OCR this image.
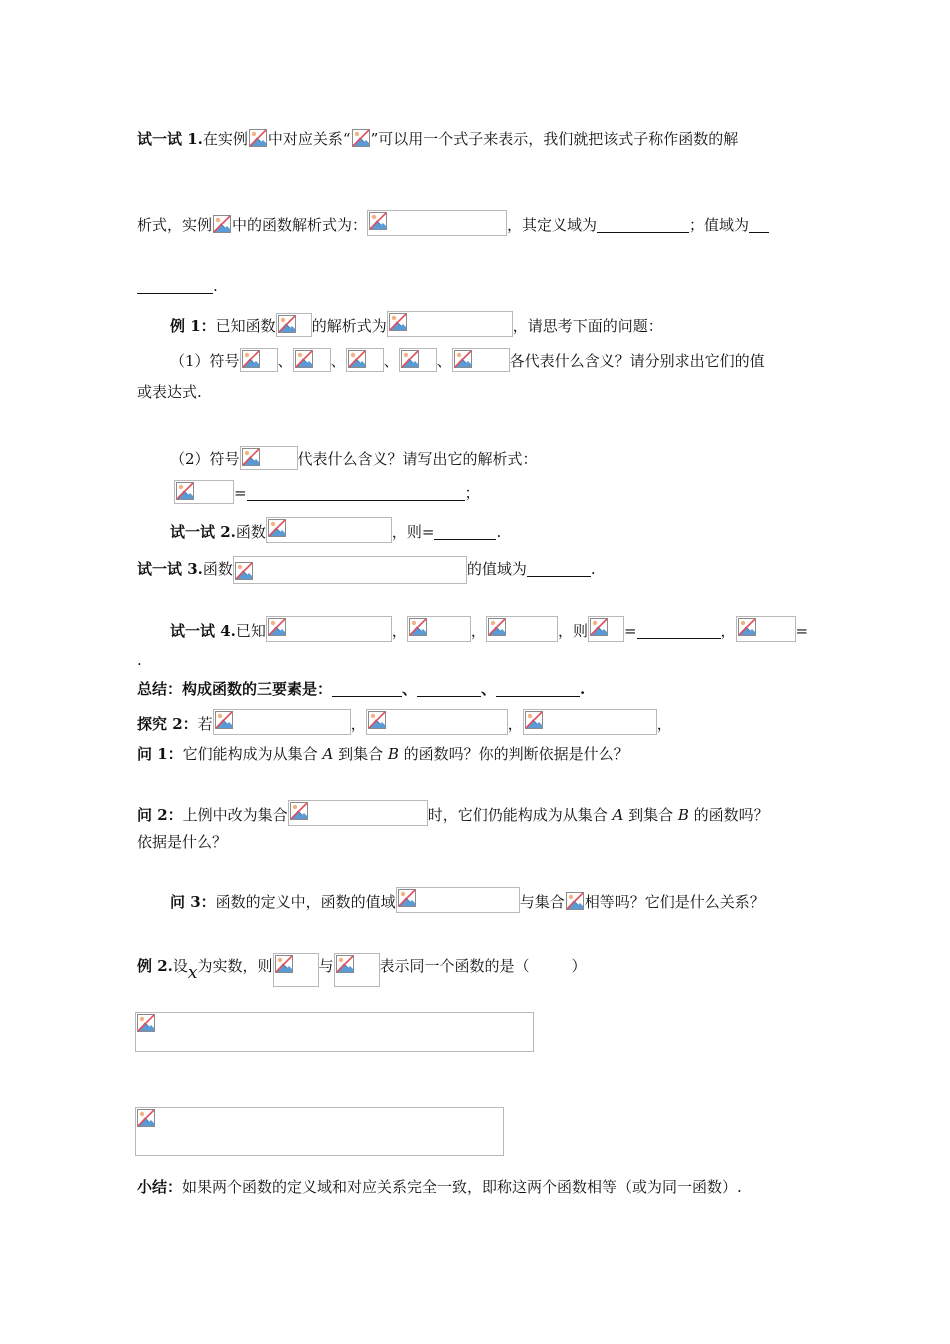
试一试 1.在实例 中对应关系“ ”可以用一个式子来表示，我们就把该式子称作函数的解
析式，实例 中的函数解析式为：	，其定义域为	；值域为
.
例 1：已知函数 的解析式为	，请思考下面的问题：
（1）符号	、	、	、	、	各代表什么含义？请分别求出它们的值
或表达式.
（2）符号	代表什么含义？请写出它的解析式：
=	；
试一试 2.函数	，则=	.
试一试 3.函数	的值域为	.
试一试 4.已知	，	，	，则 =	，	=
.
总结：构成函数的三要素是：	、	、	.
探究 2：若	，	，	，
问 1：它们能构成为从集合 A 到集合 B 的函数吗？你的判断依据是什么？
问 2：上例中改为集合	时，它们仍能构成为从集合 A 到集合 B 的函数吗？
依据是什么？
问 3：函数的定义中，函数的值域	与集合 相等吗？它们是什么关系？
例 2.设x为实数，则	与	表示同一个函数的是（	）
小结：如果两个函数的定义域和对应关系完全一致，即称这两个函数相等（或为同一函数）.
